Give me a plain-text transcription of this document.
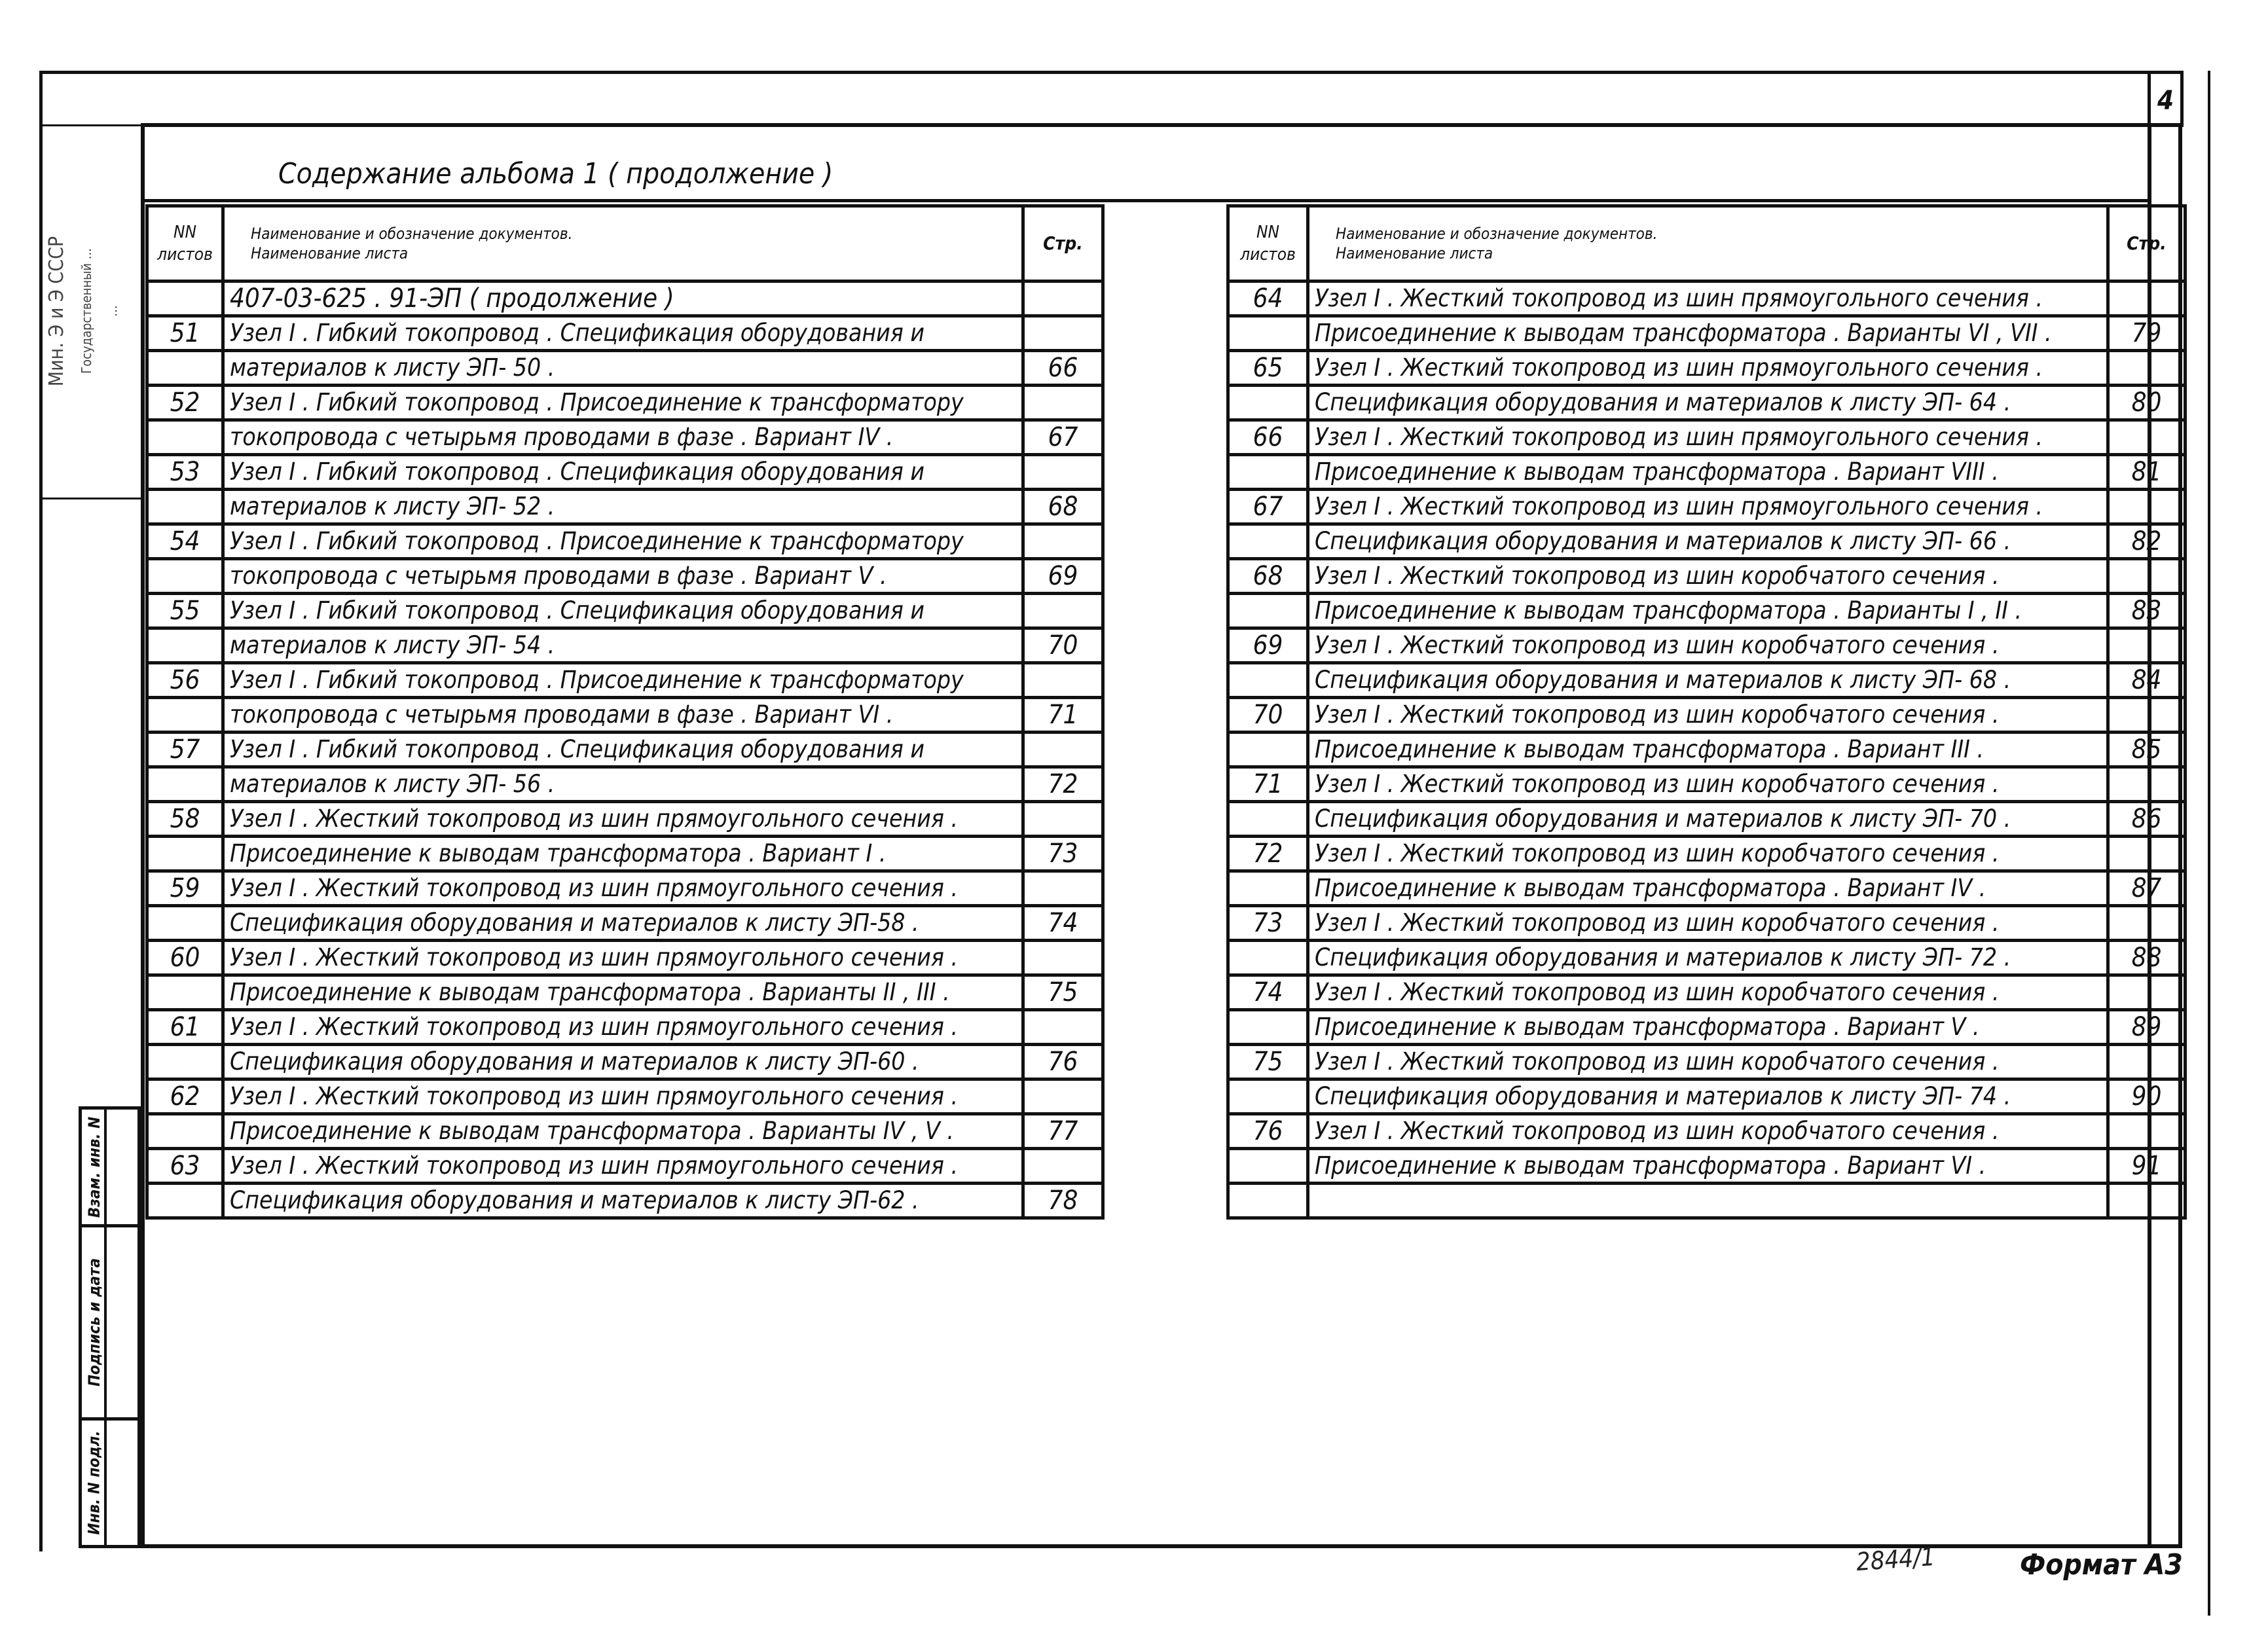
4
Мин. Э и Э СССР Государственный ... ...
Содержание альбома 1 ( продолжение )
NN
листов	Наименование и обозначение документов.
Наименование листа	Стр.
	407-03-625 . 91-ЭП ( продолжение )	
51	Узел I . Гибкий токопровод . Спецификация оборудования и	
	материалов к листу ЭП- 50 .	66
52	Узел I . Гибкий токопровод . Присоединение к трансформатору	
	токопровода с четырьмя проводами в фазе . Вариант IV .	67
53	Узел I . Гибкий токопровод . Спецификация оборудования и	
	материалов к листу ЭП- 52 .	68
54	Узел I . Гибкий токопровод . Присоединение к трансформатору	
	токопровода с четырьмя проводами в фазе . Вариант V .	69
55	Узел I . Гибкий токопровод . Спецификация оборудования и	
	материалов к листу ЭП- 54 .	70
56	Узел I . Гибкий токопровод . Присоединение к трансформатору	
	токопровода с четырьмя проводами в фазе . Вариант VI .	71
57	Узел I . Гибкий токопровод . Спецификация оборудования и	
	материалов к листу ЭП- 56 .	72
58	Узел I . Жесткий токопровод из шин прямоугольного сечения .	
	Присоединение к выводам трансформатора . Вариант I .	73
59	Узел I . Жесткий токопровод из шин прямоугольного сечения .	
	Спецификация оборудования и материалов к листу ЭП-58 .	74
60	Узел I . Жесткий токопровод из шин прямоугольного сечения .	
	Присоединение к выводам трансформатора . Варианты II , III .	75
61	Узел I . Жесткий токопровод из шин прямоугольного сечения .	
	Спецификация оборудования и материалов к листу ЭП-60 .	76
62	Узел I . Жесткий токопровод из шин прямоугольного сечения .	
	Присоединение к выводам трансформатора . Варианты IV , V .	77
63	Узел I . Жесткий токопровод из шин прямоугольного сечения .	
	Спецификация оборудования и материалов к листу ЭП-62 .	78
NN
листов	Наименование и обозначение документов.
Наименование листа	Стр.
64	Узел I . Жесткий токопровод из шин прямоугольного сечения .	
	Присоединение к выводам трансформатора . Варианты VI , VII .	79
65	Узел I . Жесткий токопровод из шин прямоугольного сечения .	
	Спецификация оборудования и материалов к листу ЭП- 64 .	80
66	Узел I . Жесткий токопровод из шин прямоугольного сечения .	
	Присоединение к выводам трансформатора . Вариант VIII .	81
67	Узел I . Жесткий токопровод из шин прямоугольного сечения .	
	Спецификация оборудования и материалов к листу ЭП- 66 .	82
68	Узел I . Жесткий токопровод из шин коробчатого сечения .	
	Присоединение к выводам трансформатора . Варианты I , II .	83
69	Узел I . Жесткий токопровод из шин коробчатого сечения .	
	Спецификация оборудования и материалов к листу ЭП- 68 .	84
70	Узел I . Жесткий токопровод из шин коробчатого сечения .	
	Присоединение к выводам трансформатора . Вариант III .	85
71	Узел I . Жесткий токопровод из шин коробчатого сечения .	
	Спецификация оборудования и материалов к листу ЭП- 70 .	86
72	Узел I . Жесткий токопровод из шин коробчатого сечения .	
	Присоединение к выводам трансформатора . Вариант IV .	87
73	Узел I . Жесткий токопровод из шин коробчатого сечения .	
	Спецификация оборудования и материалов к листу ЭП- 72 .	88
74	Узел I . Жесткий токопровод из шин коробчатого сечения .	
	Присоединение к выводам трансформатора . Вариант V .	89
75	Узел I . Жесткий токопровод из шин коробчатого сечения .	
	Спецификация оборудования и материалов к листу ЭП- 74 .	90
76	Узел I . Жесткий токопровод из шин коробчатого сечения .	
	Присоединение к выводам трансформатора . Вариант VI .	91

Взам. инв. N
Подпись и дата
Инв. N подл.
2844/1	Формат А3
